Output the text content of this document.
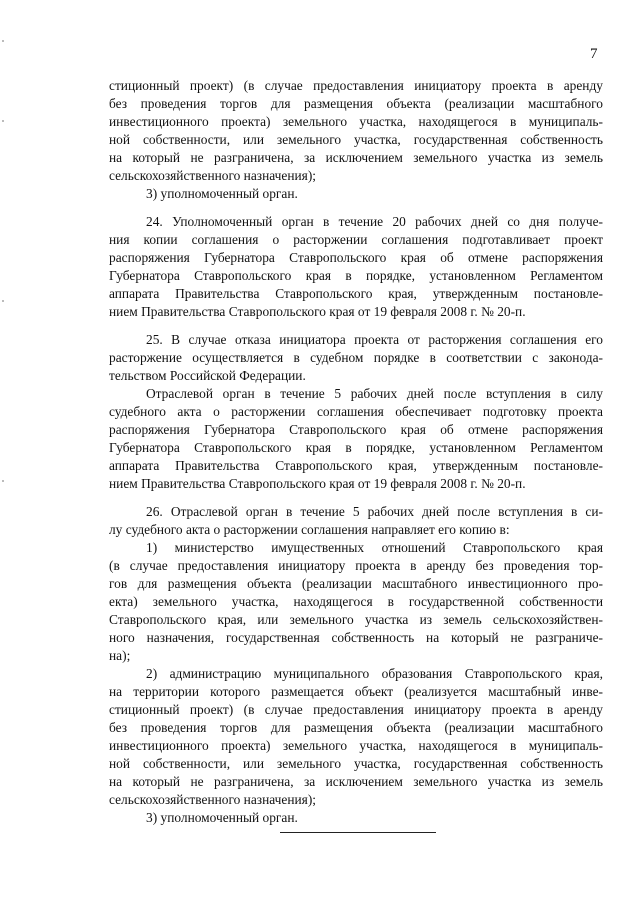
7
стиционный проект) (в случае предоставления инициатору проекта в аренду
без проведения торгов для размещения объекта (реализации масштабного
инвестиционного проекта) земельного участка, находящегося в муниципаль-
ной собственности, или земельного участка, государственная собственность
на который не разграничена, за исключением земельного участка из земель
сельскохозяйственного назначения);
3) уполномоченный орган.
24. Уполномоченный орган в течение 20 рабочих дней со дня получе-
ния копии соглашения о расторжении соглашения подготавливает проект
распоряжения Губернатора Ставропольского края об отмене распоряжения
Губернатора Ставропольского края в порядке, установленном Регламентом
аппарата Правительства Ставропольского края, утвержденным постановле-
нием Правительства Ставропольского края от 19 февраля 2008 г. № 20-п.
25. В случае отказа инициатора проекта от расторжения соглашения его
расторжение осуществляется в судебном порядке в соответствии с законода-
тельством Российской Федерации.
Отраслевой орган в течение 5 рабочих дней после вступления в силу
судебного акта о расторжении соглашения обеспечивает подготовку проекта
распоряжения Губернатора Ставропольского края об отмене распоряжения
Губернатора Ставропольского края в порядке, установленном Регламентом
аппарата Правительства Ставропольского края, утвержденным постановле-
нием Правительства Ставропольского края от 19 февраля 2008 г. № 20-п.
26. Отраслевой орган в течение 5 рабочих дней после вступления в си-
лу судебного акта о расторжении соглашения направляет его копию в:
1) министерство имущественных отношений Ставропольского края
(в случае предоставления инициатору проекта в аренду без проведения тор-
гов для размещения объекта (реализации масштабного инвестиционного про-
екта) земельного участка, находящегося в государственной собственности
Ставропольского края, или земельного участка из земель сельскохозяйствен-
ного назначения, государственная собственность на который не разграниче-
на);
2) администрацию муниципального образования Ставропольского края,
на территории которого размещается объект (реализуется масштабный инве-
стиционный проект) (в случае предоставления инициатору проекта в аренду
без проведения торгов для размещения объекта (реализации масштабного
инвестиционного проекта) земельного участка, находящегося в муниципаль-
ной собственности, или земельного участка, государственная собственность
на который не разграничена, за исключением земельного участка из земель
сельскохозяйственного назначения);
3) уполномоченный орган.
